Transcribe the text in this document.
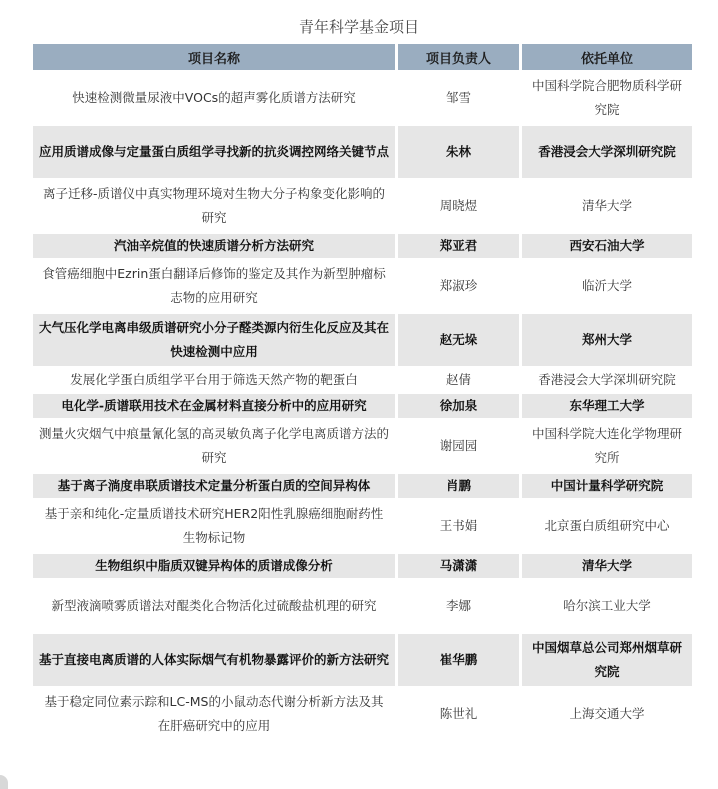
青年科学基金项目
项目名称	项目负责人	依托单位
快速检测微量尿液中VOCs的超声雾化质谱方法研究	邹雪	中国科学院合肥物质科学研究院
应用质谱成像与定量蛋白质组学寻找新的抗炎调控网络关键节点	朱林	香港浸会大学深圳研究院
离子迁移-质谱仪中真实物理环境对生物大分子构象变化影响的研究	周晓煜	清华大学
汽油辛烷值的快速质谱分析方法研究	郑亚君	西安石油大学
食管癌细胞中Ezrin蛋白翻译后修饰的鉴定及其作为新型肿瘤标志物的应用研究	郑淑珍	临沂大学
大气压化学电离串级质谱研究小分子醛类源内衍生化反应及其在快速检测中应用	赵无垛	郑州大学
发展化学蛋白质组学平台用于筛选天然产物的靶蛋白	赵倩	香港浸会大学深圳研究院
电化学-质谱联用技术在金属材料直接分析中的应用研究	徐加泉	东华理工大学
测量火灾烟气中痕量氰化氢的高灵敏负离子化学电离质谱方法的研究	谢园园	中国科学院大连化学物理研究所
基于离子淌度串联质谱技术定量分析蛋白质的空间异构体	肖鹏	中国计量科学研究院
基于亲和纯化-定量质谱技术研究HER2阳性乳腺癌细胞耐药性生物标记物	王书娟	北京蛋白质组研究中心
生物组织中脂质双键异构体的质谱成像分析	马潇潇	清华大学
新型液滴喷雾质谱法对醌类化合物活化过硫酸盐机理的研究	李娜	哈尔滨工业大学
基于直接电离质谱的人体实际烟气有机物暴露评价的新方法研究	崔华鹏	中国烟草总公司郑州烟草研究院
基于稳定同位素示踪和LC-MS的小鼠动态代谢分析新方法及其在肝癌研究中的应用	陈世礼	上海交通大学
